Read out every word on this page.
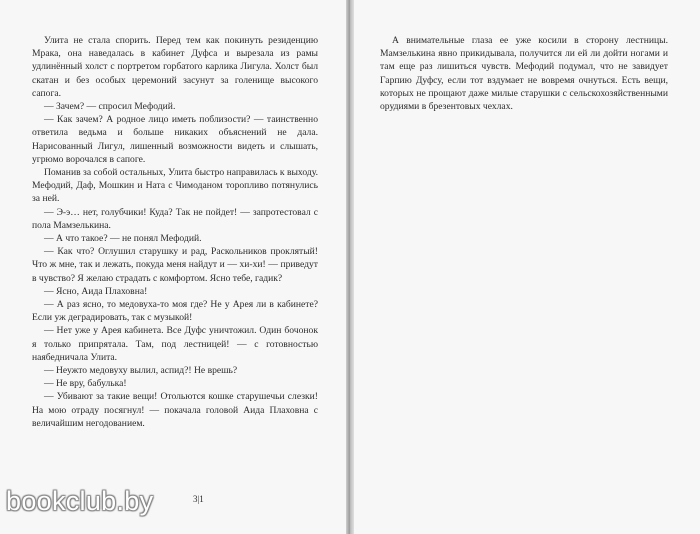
Улита не стала спорить. Перед тем как покинуть резиденцию Мрака, она наведалась в кабинет Дуфса и вырезала из рамы удлинённый холст с портретом горбатого карлика Лигула. Холст был скатан и без особых церемоний засунут за голенище высокого сапога.

— Зачем? — спросил Мефодий.

— Как зачем? А родное лицо иметь поблизости? — таинственно ответила ведьма и больше никаких объяснений не дала. Нарисованный Лигул, лишенный возможности видеть и слышать, угрюмо ворочался в сапоге.

Поманив за собой остальных, Улита быстро направилась к выходу. Мефодий, Даф, Мошкин и Ната с Чимоданом торопливо потянулись за ней.

— Э-э… нет, голубчики! Куда? Так не пойдет! — запротестовал с пола Мамзелькина.

— А что такое? — не понял Мефодий.

— Как что? Оглушил старушку и рад, Раскольников проклятый! Что ж мне, так и лежать, покуда меня найдут и — хи-хи! — приведут в чувство? Я желаю страдать с комфортом. Ясно тебе, гадик?

— Ясно, Аида Плаховна!

— А раз ясно, то медовуха-то моя где? Не у Арея ли в кабинете? Если уж деградировать, так с музыкой!

— Нет уже у Арея кабинета. Все Дуфс уничтожил. Один бочонок я только припрятала. Там, под лестницей! — с готовностью наябедничала Улита.

— Неужто медовуху вылил, аспид?! Не врешь?

— Не вру, бабулька!

— Убивают за такие вещи! Отольются кошке старушечьи слезки! На мою отраду посягнул! — покачала головой Аида Плаховна с величайшим негодованием.

3|1

А внимательные глаза ее уже косили в сторону лестницы. Мамзелькина явно прикидывала, получится ли ей ли дойти ногами и там еще раз лишиться чувств. Мефодий подумал, что не завидует Гарпию Дуфсу, если тот вздумает не вовремя очнуться. Есть вещи, которых не прощают даже милые старушки с сельскохозяйственными орудиями в брезентовых чехлах.

bookclub.by
